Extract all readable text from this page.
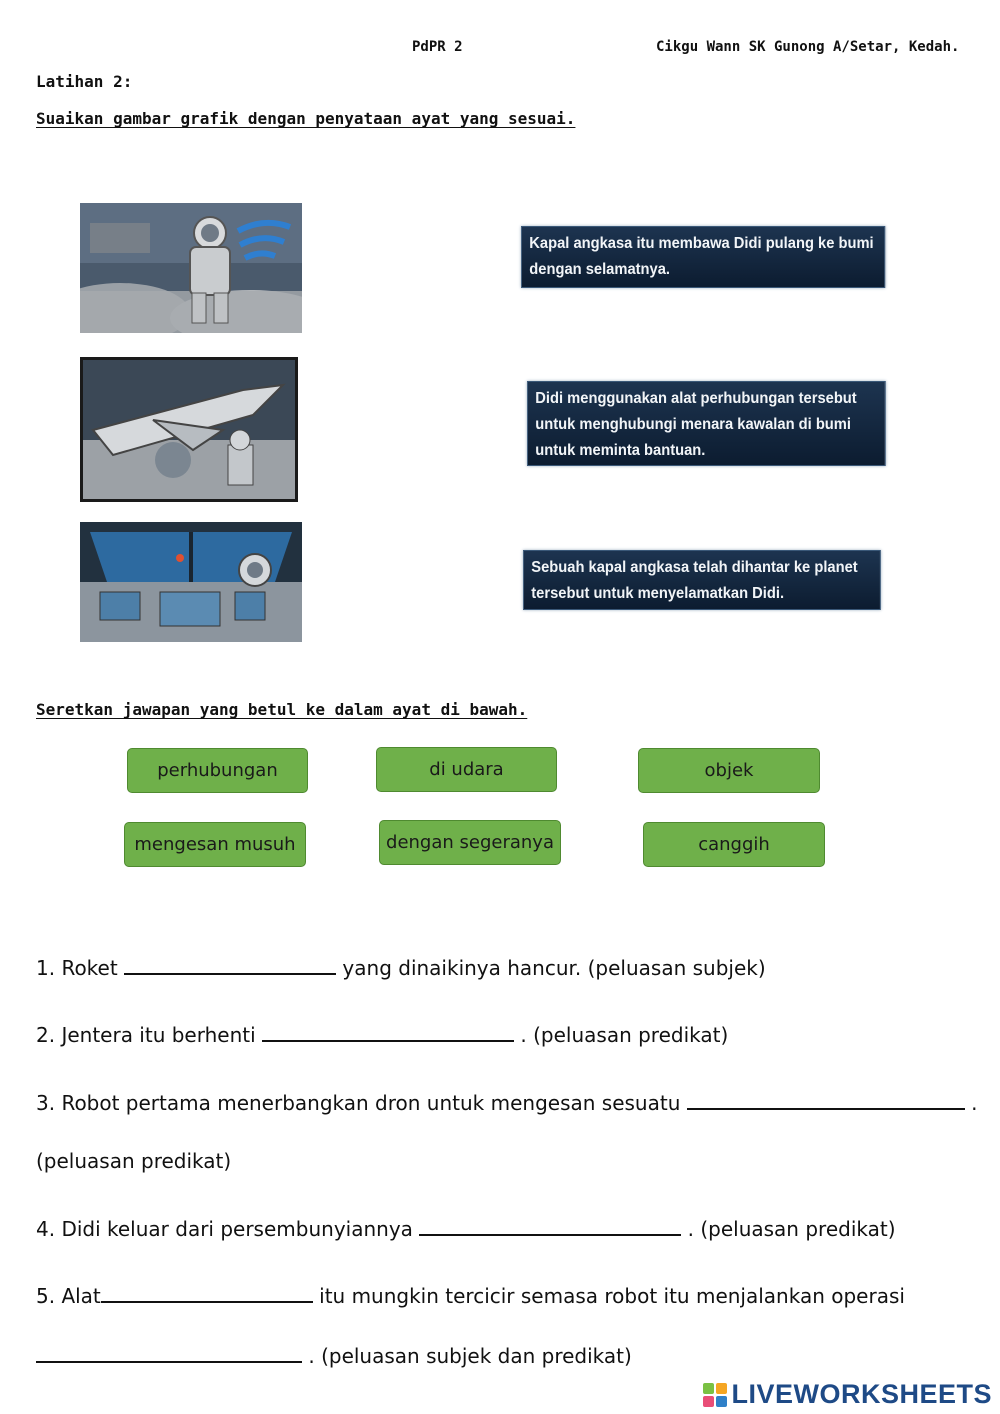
PdPR 2	Cikgu Wann SK Gunong A/Setar, Kedah.
Latihan 2:
Suaikan gambar grafik dengan penyataan ayat yang sesuai.
Kapal angkasa itu membawa Didi pulang ke bumi dengan selamatnya.
Didi menggunakan alat perhubungan tersebut untuk menghubungi menara kawalan di bumi untuk meminta bantuan.
Sebuah kapal angkasa telah dihantar ke planet tersebut untuk menyelamatkan Didi.
Seretkan jawapan yang betul ke dalam ayat di bawah.
perhubungan	di udara	objek
mengesan musuh	dengan segeranya	canggih
1. Roket	yang dinaikinya hancur. (peluasan subjek)
2. Jentera itu berhenti	. (peluasan predikat)
3. Robot pertama menerbangkan dron untuk mengesan sesuatu	.
(peluasan predikat)
4. Didi keluar dari persembunyiannya	. (peluasan predikat)
5. Alat	itu mungkin tercicir semasa robot itu menjalankan operasi
. (peluasan subjek dan predikat)
LIVEWORKSHEETS
